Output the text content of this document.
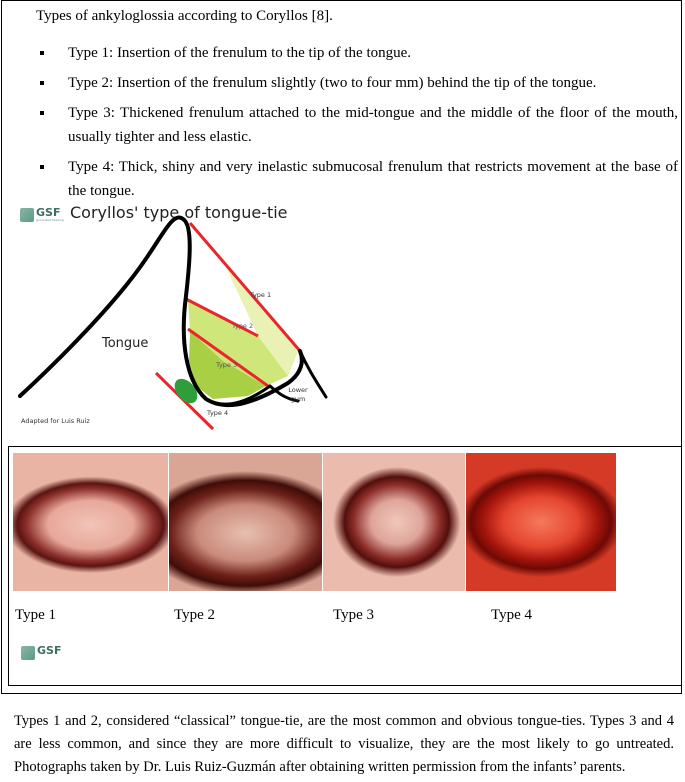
Types of ankyloglossia according to Coryllos [8].
Type 1: Insertion of the frenulum to the tip of the tongue.
Type 2: Insertion of the frenulum slightly (two to four mm) behind the tip of the tongue.
Type 3: Thickened frenulum attached to the mid-tongue and the middle of the floor of the mouth, usually tighter and less elastic.
Type 4: Thick, shiny and very inelastic submucosal frenulum that restricts movement at the base of the tongue.
GSF
good start feeding Coryllos' type of tongue-tie
Tongue
Type 1
Type 2
Type 3
Type 4
Lower gum
Adapted for Luis Ruiz
Type 1	Type 2	Type 3	Type 4
GSF
Types 1 and 2, considered “classical” tongue-tie, are the most common and obvious tongue-ties. Types 3 and 4 are less common, and since they are more difficult to visualize, they are the most likely to go untreated. Photographs taken by Dr. Luis Ruiz-Guzmán after obtaining written permission from the infants’ parents.
